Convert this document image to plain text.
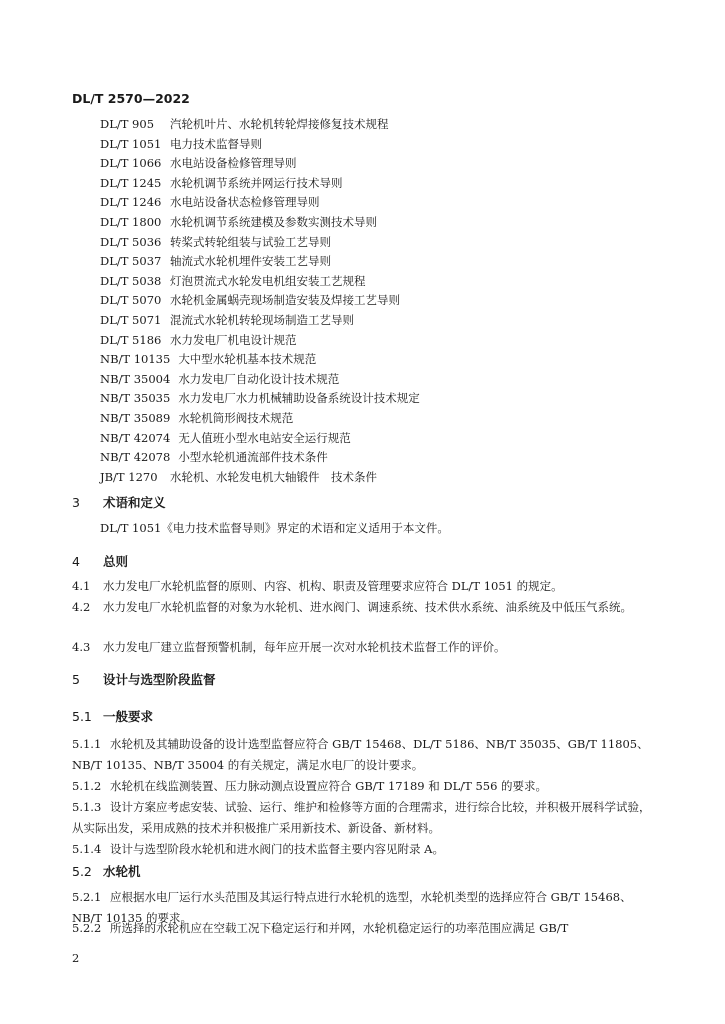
DL/T 2570—2022
DL/T 905 汽轮机叶片、水轮机转轮焊接修复技术规程
DL/T 1051 电力技术监督导则
DL/T 1066 水电站设备检修管理导则
DL/T 1245 水轮机调节系统并网运行技术导则
DL/T 1246 水电站设备状态检修管理导则
DL/T 1800 水轮机调节系统建模及参数实测技术导则
DL/T 5036 转桨式转轮组装与试验工艺导则
DL/T 5037 轴流式水轮机埋件安装工艺导则
DL/T 5038 灯泡贯流式水轮发电机组安装工艺规程
DL/T 5070 水轮机金属蜗壳现场制造安装及焊接工艺导则
DL/T 5071 混流式水轮机转轮现场制造工艺导则
DL/T 5186 水力发电厂机电设计规范
NB/T 10135 大中型水轮机基本技术规范
NB/T 35004 水力发电厂自动化设计技术规范
NB/T 35035 水力发电厂水力机械辅助设备系统设计技术规定
NB/T 35089 水轮机筒形阀技术规范
NB/T 42074 无人值班小型水电站安全运行规范
NB/T 42078 小型水轮机通流部件技术条件
JB/T 1270 水轮机、水轮发电机大轴锻件　技术条件
3 术语和定义
DL/T 1051《电力技术监督导则》界定的术语和定义适用于本文件。
4 总则
4.1 水力发电厂水轮机监督的原则、内容、机构、职责及管理要求应符合 DL/T 1051 的规定。
4.2 水力发电厂水轮机监督的对象为水轮机、进水阀门、调速系统、技术供水系统、油系统及中低压气系统。
4.3 水力发电厂建立监督预警机制，每年应开展一次对水轮机技术监督工作的评价。
5 设计与选型阶段监督
5.1 一般要求
5.1.1 水轮机及其辅助设备的设计选型监督应符合 GB/T 15468、DL/T 5186、NB/T 35035、GB/T 11805、NB/T 10135、NB/T 35004 的有关规定，满足水电厂的设计要求。
5.1.2 水轮机在线监测装置、压力脉动测点设置应符合 GB/T 17189 和 DL/T 556 的要求。
5.1.3 设计方案应考虑安装、试验、运行、维护和检修等方面的合理需求，进行综合比较，并积极开展科学试验，从实际出发，采用成熟的技术并积极推广采用新技术、新设备、新材料。
5.1.4 设计与选型阶段水轮机和进水阀门的技术监督主要内容见附录 A。
5.2 水轮机
5.2.1 应根据水电厂运行水头范围及其运行特点进行水轮机的选型，水轮机类型的选择应符合 GB/T 15468、NB/T 10135 的要求。
5.2.2 所选择的水轮机应在空载工况下稳定运行和并网，水轮机稳定运行的功率范围应满足 GB/T
2
